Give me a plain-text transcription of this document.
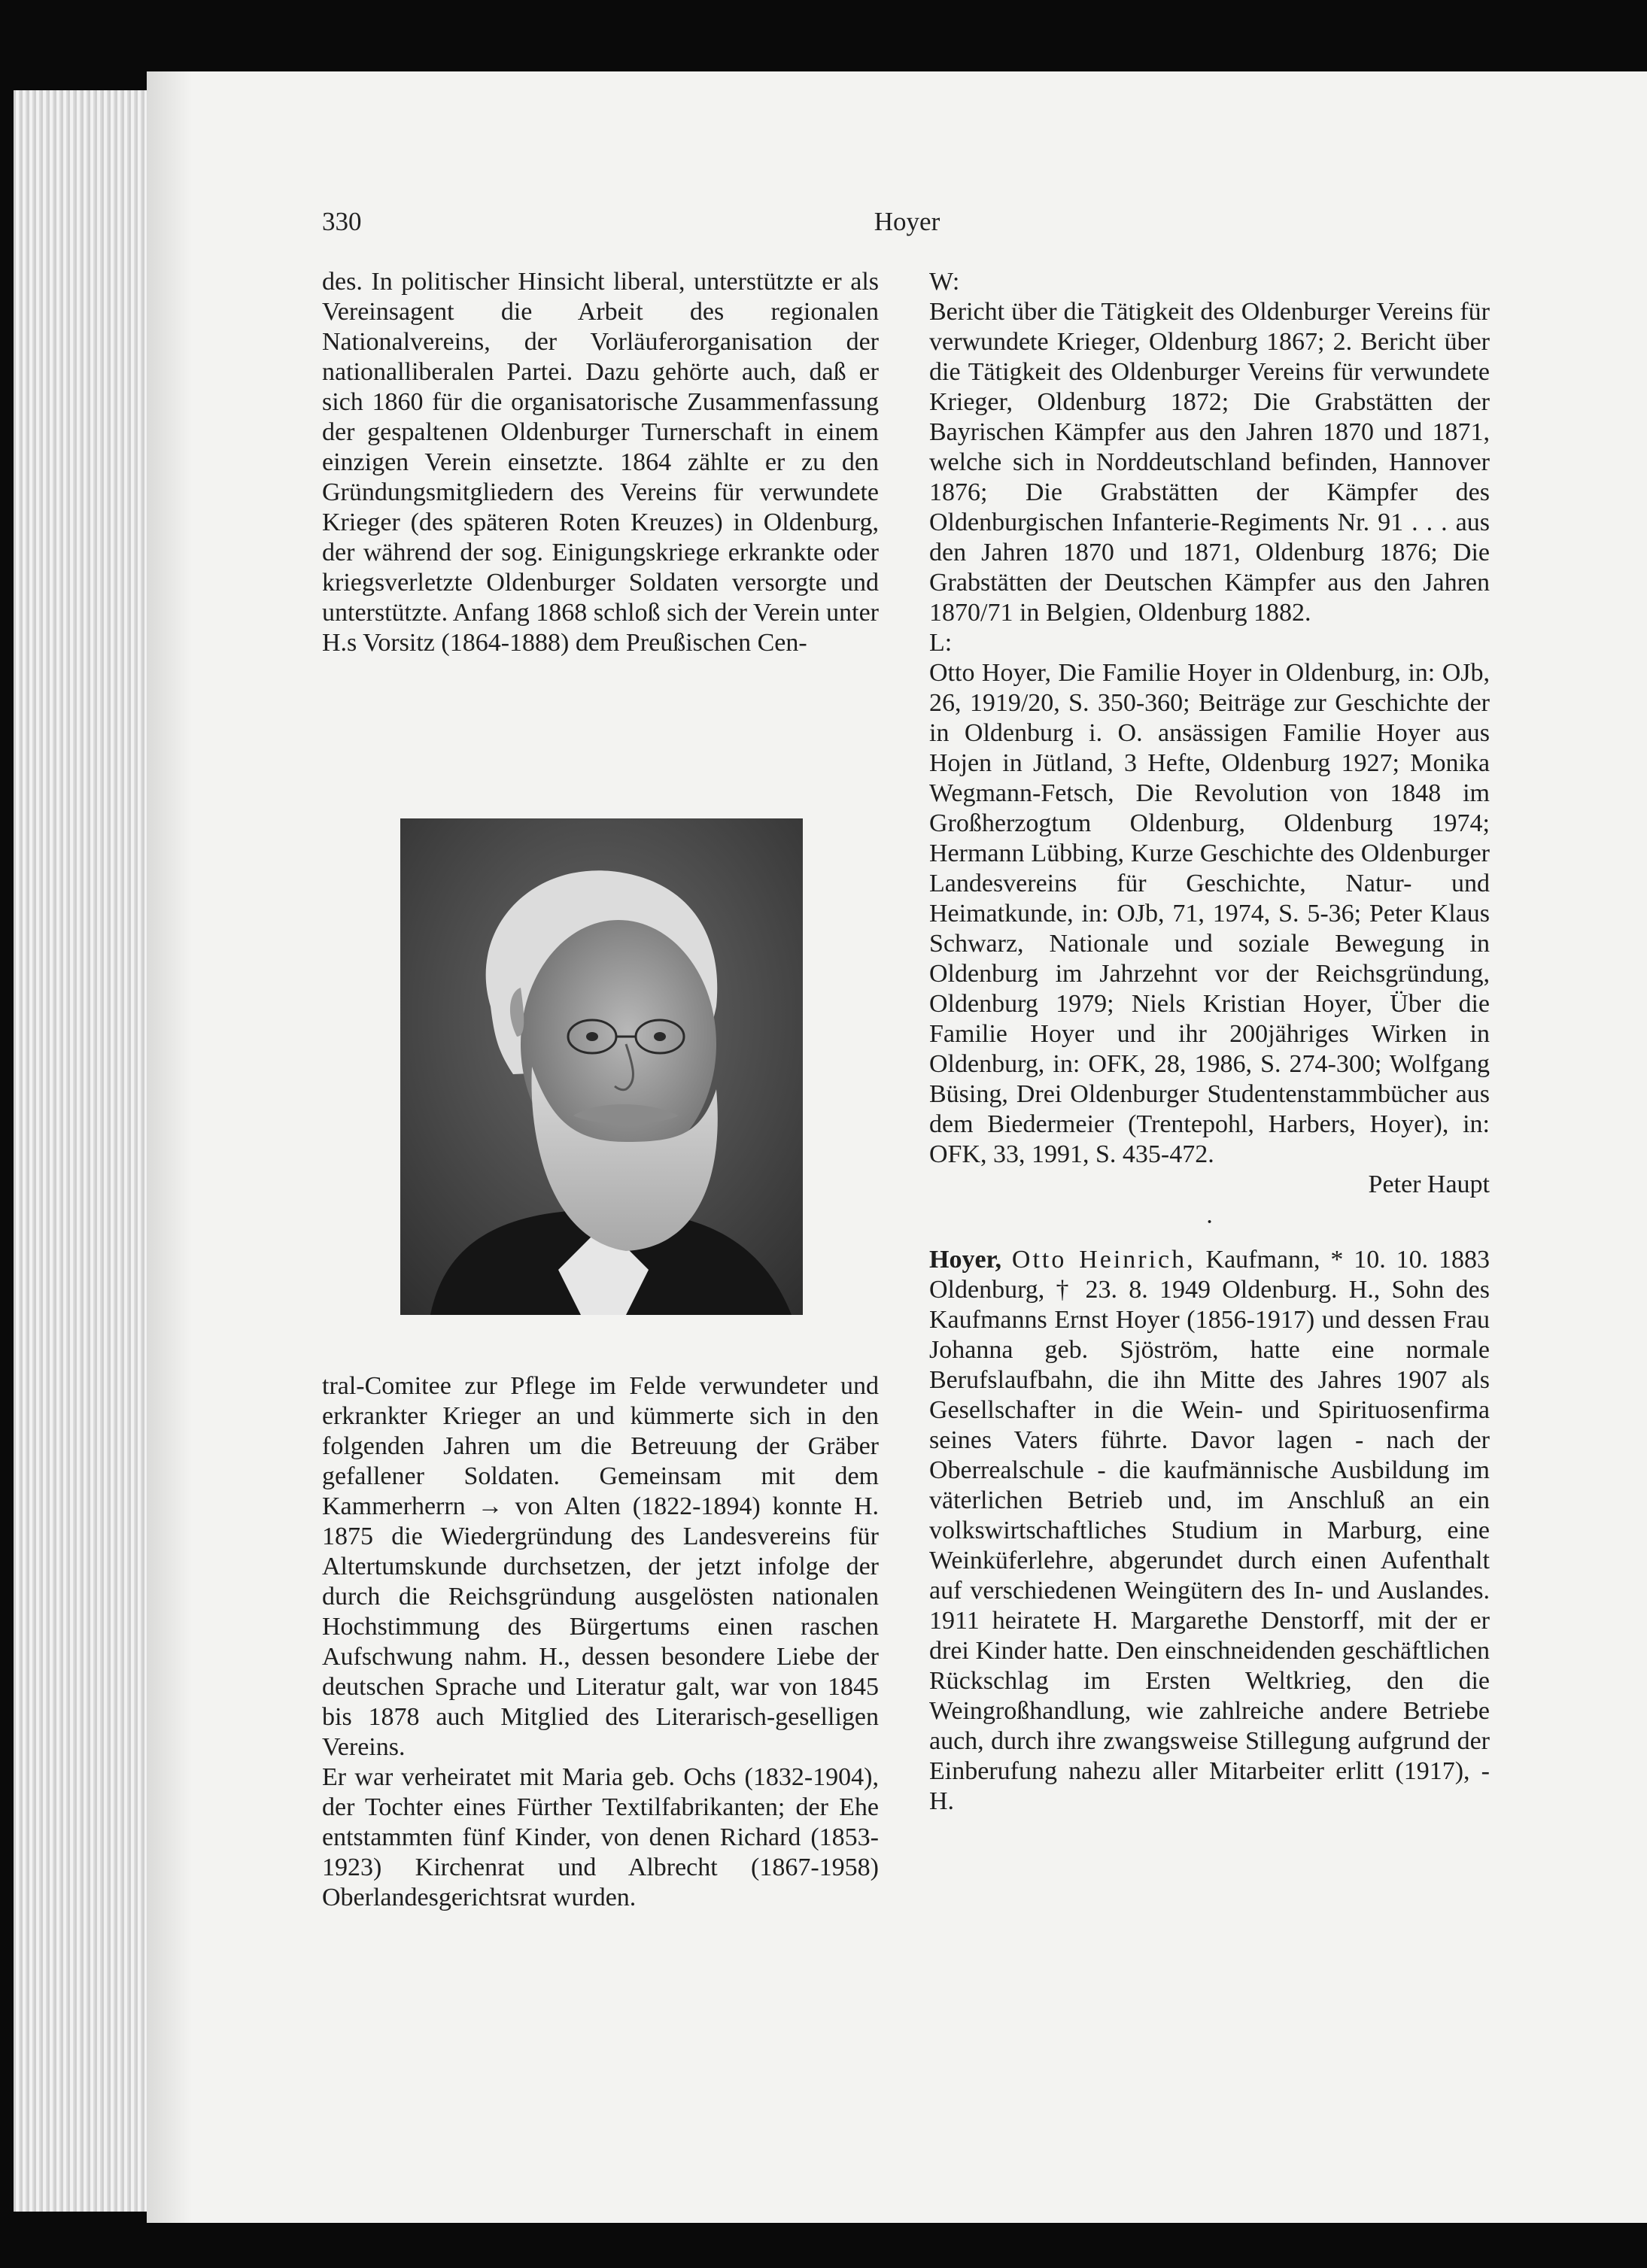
330	Hoyer

des. In politischer Hinsicht liberal, unterstützte er als Vereinsagent die Arbeit des regionalen Nationalvereins, der Vorläuferorganisation der nationalliberalen Partei. Dazu gehörte auch, daß er sich 1860 für die organisatorische Zusammenfassung der gespaltenen Oldenburger Turnerschaft in einem einzigen Verein einsetzte. 1864 zählte er zu den Gründungsmitgliedern des Vereins für verwundete Krieger (des späteren Roten Kreuzes) in Oldenburg, der während der sog. Einigungskriege erkrankte oder kriegsverletzte Oldenburger Soldaten versorgte und unterstützte. Anfang 1868 schloß sich der Verein unter H.s Vorsitz (1864-1888) dem Preußischen Cen-

tral-Comitee zur Pflege im Felde verwundeter und erkrankter Krieger an und kümmerte sich in den folgenden Jahren um die Betreuung der Gräber gefallener Soldaten. Gemeinsam mit dem Kammerherrn → von Alten (1822-1894) konnte H. 1875 die Wiedergründung des Landesvereins für Altertumskunde durchsetzen, der jetzt infolge der durch die Reichsgründung ausgelösten nationalen Hochstimmung des Bürgertums einen raschen Aufschwung nahm. H., dessen besondere Liebe der deutschen Sprache und Literatur galt, war von 1845 bis 1878 auch Mitglied des Literarisch-geselligen Vereins.

Er war verheiratet mit Maria geb. Ochs (1832-1904), der Tochter eines Fürther Textilfabrikanten; der Ehe entstammten fünf Kinder, von denen Richard (1853-1923) Kirchenrat und Albrecht (1867-1958) Oberlandesgerichtsrat wurden.

W:

Bericht über die Tätigkeit des Oldenburger Vereins für verwundete Krieger, Oldenburg 1867; 2. Bericht über die Tätigkeit des Oldenburger Vereins für verwundete Krieger, Oldenburg 1872; Die Grabstätten der Bayrischen Kämpfer aus den Jahren 1870 und 1871, welche sich in Norddeutschland befinden, Hannover 1876; Die Grabstätten der Kämpfer des Oldenburgischen Infanterie-Regiments Nr. 91 . . . aus den Jahren 1870 und 1871, Oldenburg 1876; Die Grabstätten der Deutschen Kämpfer aus den Jahren 1870/71 in Belgien, Oldenburg 1882.

L:

Otto Hoyer, Die Familie Hoyer in Oldenburg, in: OJb, 26, 1919/20, S. 350-360; Beiträge zur Geschichte der in Oldenburg i. O. ansässigen Familie Hoyer aus Hojen in Jütland, 3 Hefte, Oldenburg 1927; Monika Wegmann-Fetsch, Die Revolution von 1848 im Großherzogtum Oldenburg, Oldenburg 1974; Hermann Lübbing, Kurze Geschichte des Oldenburger Landesvereins für Geschichte, Natur- und Heimatkunde, in: OJb, 71, 1974, S. 5-36; Peter Klaus Schwarz, Nationale und soziale Bewegung in Oldenburg im Jahrzehnt vor der Reichsgründung, Oldenburg 1979; Niels Kristian Hoyer, Über die Familie Hoyer und ihr 200jähriges Wirken in Oldenburg, in: OFK, 28, 1986, S. 274-300; Wolfgang Büsing, Drei Oldenburger Studentenstammbücher aus dem Biedermeier (Trentepohl, Harbers, Hoyer), in: OFK, 33, 1991, S. 435-472.

Peter Haupt

·

Hoyer, Otto Heinrich, Kaufmann, * 10. 10. 1883 Oldenburg, † 23. 8. 1949 Oldenburg. H., Sohn des Kaufmanns Ernst Hoyer (1856-1917) und dessen Frau Johanna geb. Sjöström, hatte eine normale Berufslaufbahn, die ihn Mitte des Jahres 1907 als Gesellschafter in die Wein- und Spirituosenfirma seines Vaters führte. Davor lagen - nach der Oberrealschule - die kaufmännische Ausbildung im väterlichen Betrieb und, im Anschluß an ein volkswirtschaftliches Studium in Marburg, eine Weinküferlehre, abgerundet durch einen Aufenthalt auf verschiedenen Weingütern des In- und Auslandes. 1911 heiratete H. Margarethe Denstorff, mit der er drei Kinder hatte. Den einschneidenden geschäftlichen Rückschlag im Ersten Weltkrieg, den die Weingroßhandlung, wie zahlreiche andere Betriebe auch, durch ihre zwangsweise Stillegung aufgrund der Einberufung nahezu aller Mitarbeiter erlitt (1917), - H.
